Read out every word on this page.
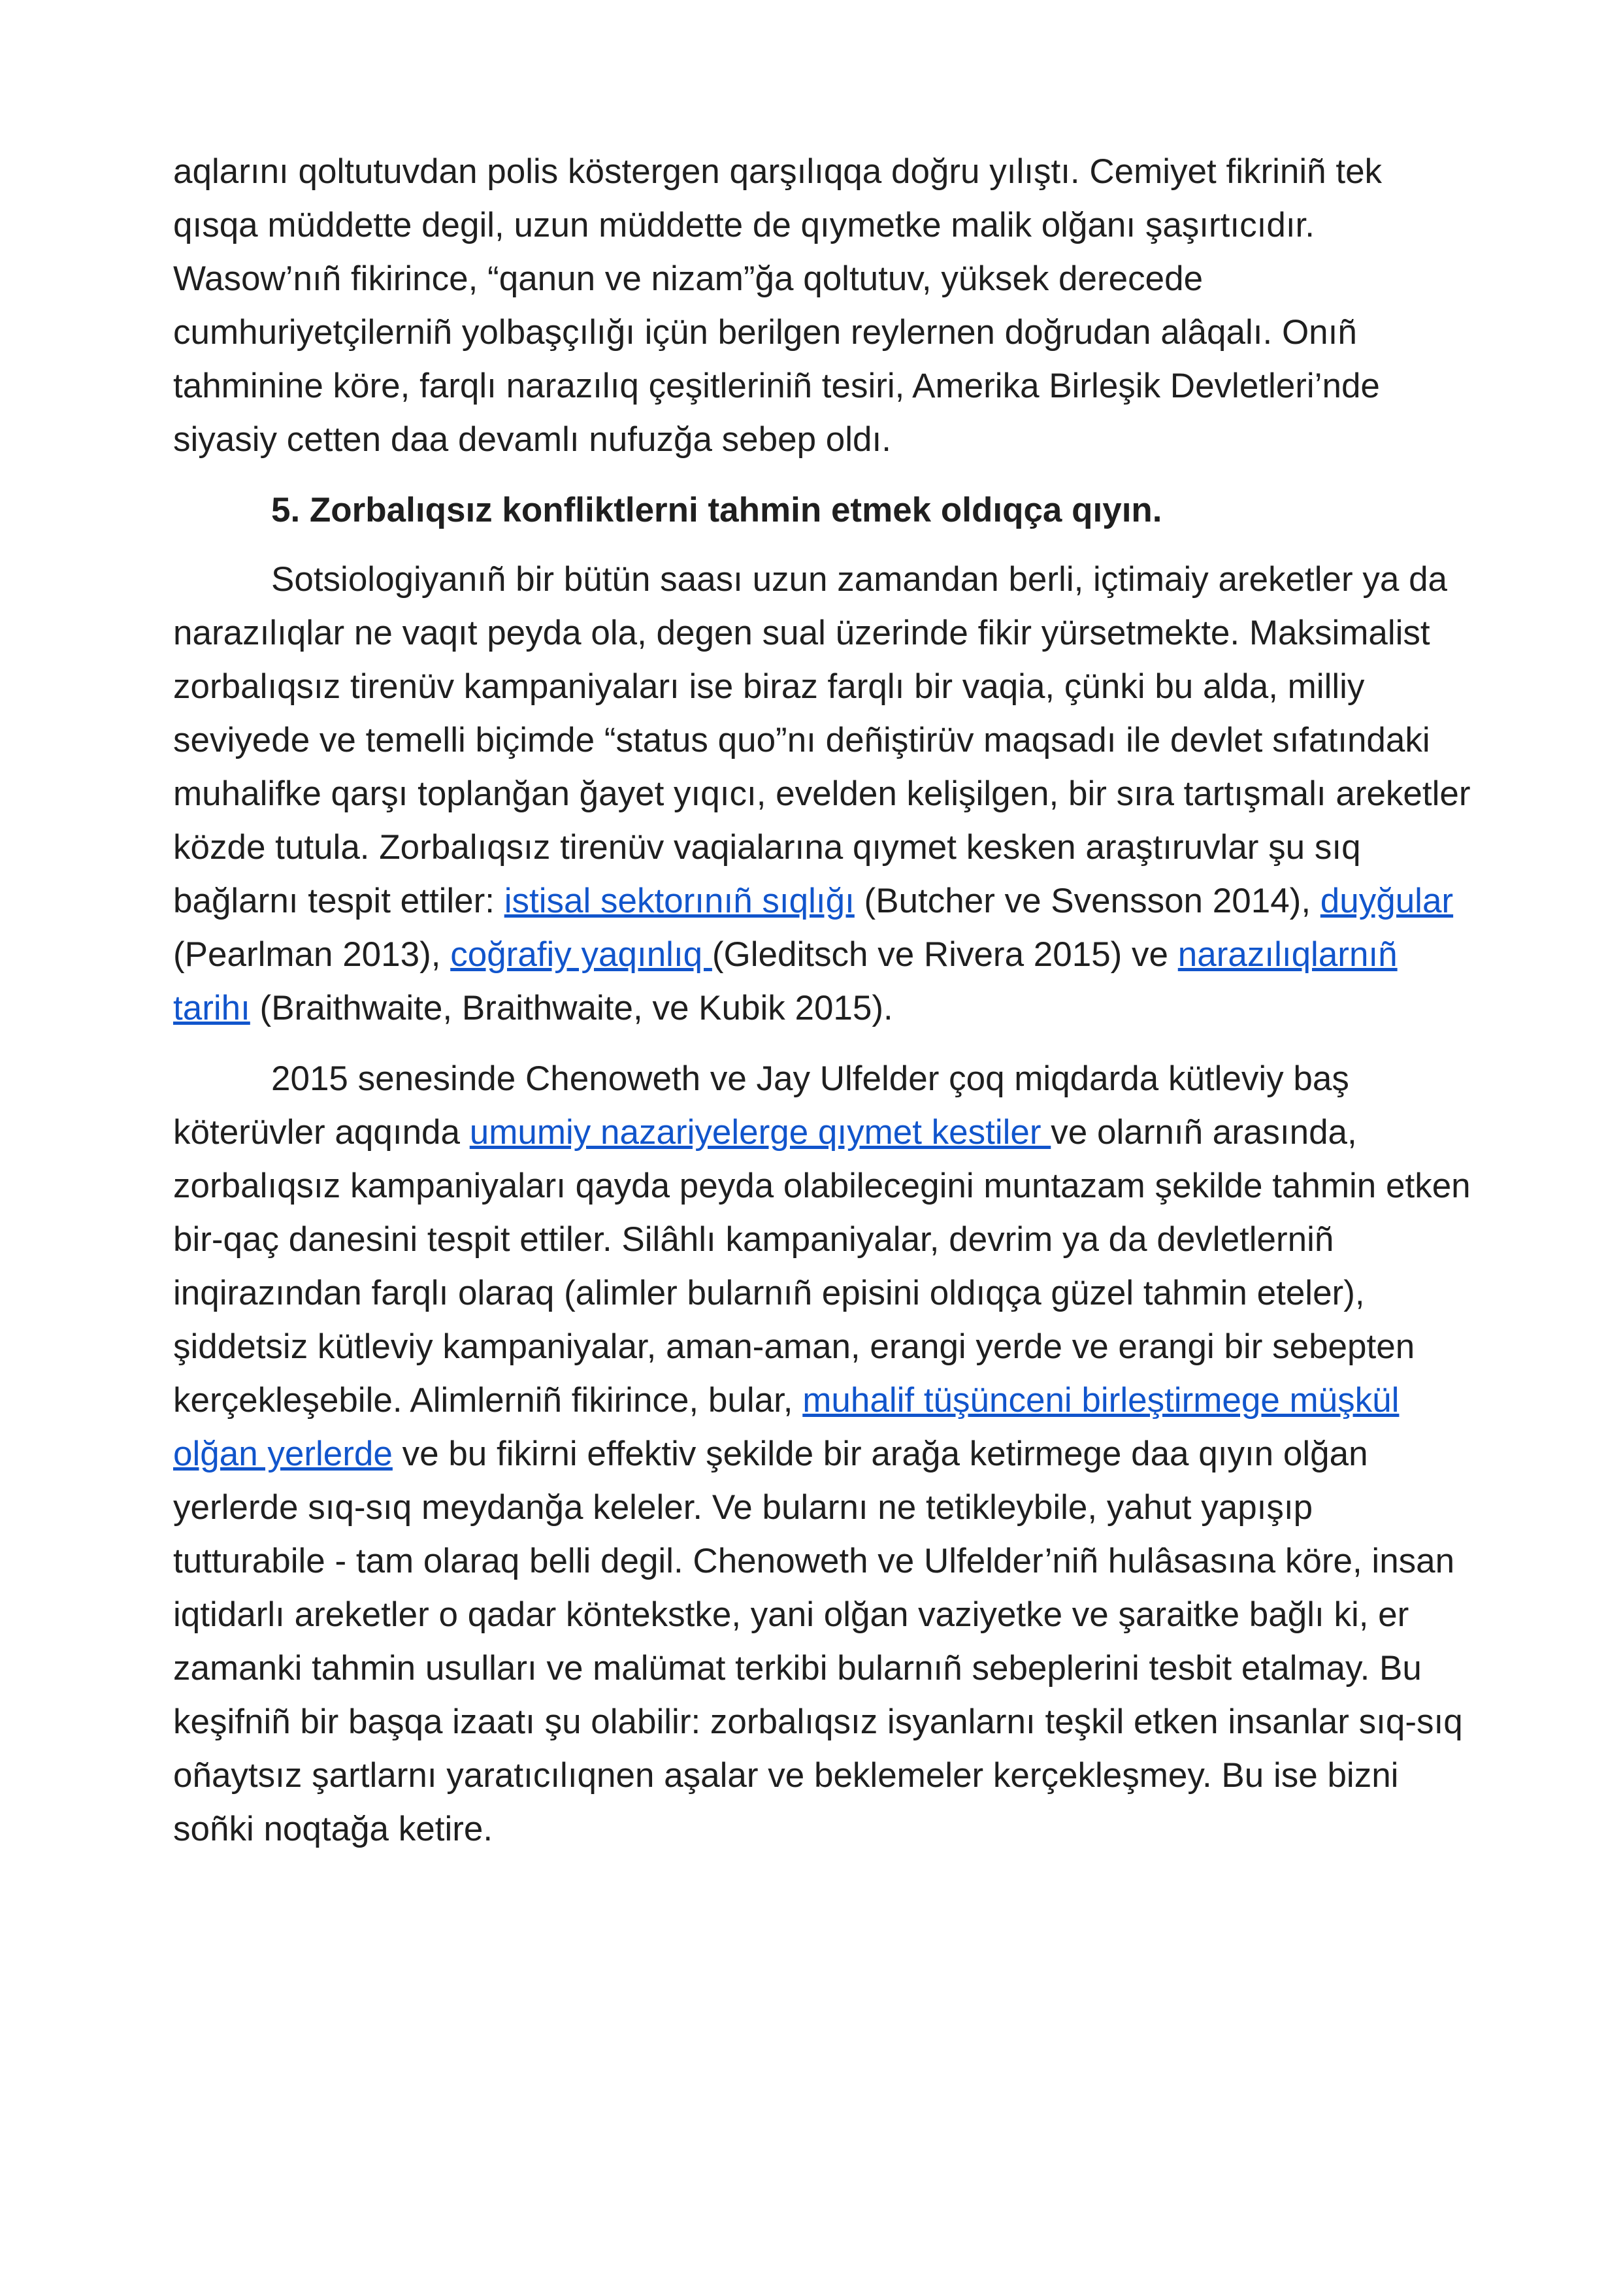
aqlarını qoltutuvdan polis köstergen qarşılıqqa doğru yılıştı. Cemiyet fikriniñ tek qısqa müddette degil, uzun müddette de qıymetke malik olğanı şaşırtıcıdır. Wasow’nıñ fikirince, “qanun ve nizam”ğa qoltutuv, yüksek derecede cumhuriyetçilerniñ yolbaşçılığı içün berilgen reylernen doğrudan alâqalı. Onıñ tahminine köre, farqlı narazılıq çeşitleriniñ tesiri, Amerika Birleşik Devletleri’nde siyasiy cetten daa devamlı nufuzğa sebep oldı.

5. Zorbalıqsız konfliktlerni tahmin etmek oldıqça qıyın.

Sotsiologiyanıñ bir bütün saası uzun zamandan berli, içtimaiy areketler ya da narazılıqlar ne vaqıt peyda ola, degen sual üzerinde fikir yürsetmekte. Maksimalist zorbalıqsız tirenüv kampaniyaları ise biraz farqlı bir vaqia, çünki bu alda, milliy seviyede ve temelli biçimde “status quo”nı deñiştirüv maqsadı ile devlet sıfatındaki muhalifke qarşı toplanğan ğayet yıqıcı, evelden kelişilgen, bir sıra tartışmalı areketler közde tutula. Zorbalıqsız tirenüv vaqialarına qıymet kesken araştıruvlar şu sıq bağlarnı tespit ettiler: istisal sektorınıñ sıqlığı (Butcher ve Svensson 2014), duyğular (Pearlman 2013), coğrafiy yaqınlıq (Gleditsch ve Rivera 2015) ve narazılıqlarnıñ tarihı (Braithwaite, Braithwaite, ve Kubik 2015).

2015 senesinde Chenoweth ve Jay Ulfelder çoq miqdarda kütleviy baş köterüvler aqqında umumiy nazariyelerge qıymet kestiler ve olarnıñ arasında, zorbalıqsız kampaniyaları qayda peyda olabilecegini muntazam şekilde tahmin etken bir-qaç danesini tespit ettiler. Silâhlı kampaniyalar, devrim ya da devletlerniñ inqirazından farqlı olaraq (alimler bularnıñ episini oldıqça güzel tahmin eteler), şiddetsiz kütleviy kampaniyalar, aman-aman, erangi yerde ve erangi bir sebepten kerçekleşebile. Alimlerniñ fikirince, bular, muhalif tüşünceni birleştirmege müşkül olğan yerlerde ve bu fikirni effektiv şekilde bir arağa ketirmege daa qıyın olğan yerlerde sıq-sıq meydanğa keleler. Ve bularnı ne tetikleybile, yahut yapışıp tutturabile - tam olaraq belli degil. Chenoweth ve Ulfelder’niñ hulâsasına köre, insan iqtidarlı areketler o qadar köntekstke, yani olğan vaziyetke ve şaraitke bağlı ki, er zamanki tahmin usulları ve malümat terkibi bularnıñ sebeplerini tesbit etalmay. Bu keşifniñ bir başqa izaatı şu olabilir: zorbalıqsız isyanlarnı teşkil etken insanlar sıq-sıq oñaytsız şartlarnı yaratıcılıqnen aşalar ve beklemeler kerçekleşmey. Bu ise bizni soñki noqtağa ketire.
